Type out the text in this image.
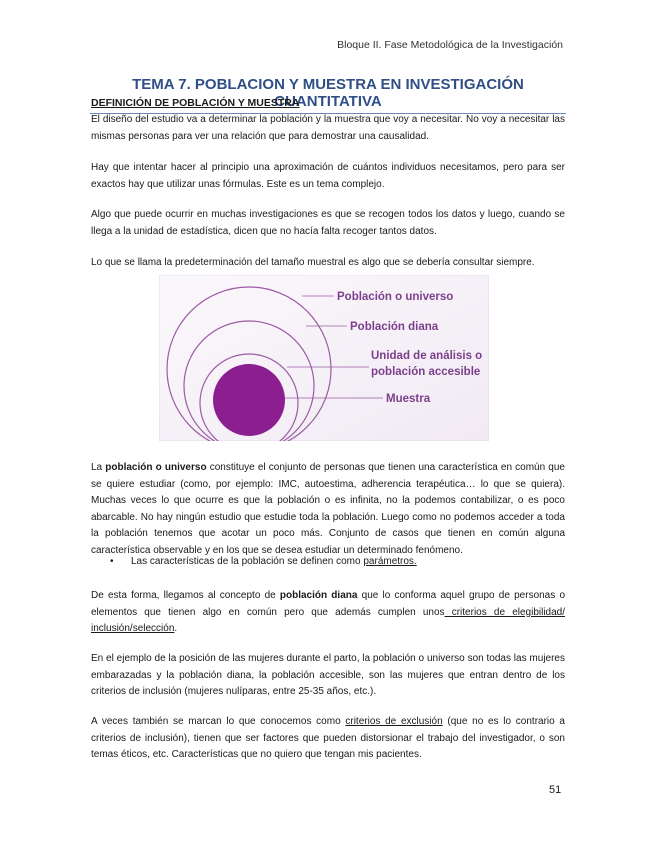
Bloque II. Fase Metodológica de la Investigación
TEMA 7. POBLACION Y MUESTRA EN INVESTIGACIÓN CUANTITATIVA
DEFINICIÓN DE POBLACIÓN Y MUESTRA

El diseño del estudio va a determinar la población y la muestra que voy a necesitar. No voy a necesitar las mismas personas para ver una relación que para demostrar una causalidad.

Hay que intentar hacer al principio una aproximación de cuántos individuos necesitamos, pero para ser exactos hay que utilizar unas fórmulas. Este es un tema complejo.

Algo que puede ocurrir en muchas investigaciones es que se recogen todos los datos y luego, cuando se llega a la unidad de estadística, dicen que no hacía falta recoger tantos datos.

Lo que se llama la predeterminación del tamaño muestral es algo que se debería consultar siempre.

Población o universo
Población diana
Unidad de análisis o
población accesible
Muestra

La población o universo constituye el conjunto de personas que tienen una característica en común que se quiere estudiar (como, por ejemplo: IMC, autoestima, adherencia terapéutica… lo que se quiera). Muchas veces lo que ocurre es que la población o es infinita, no la podemos contabilizar, o es poco abarcable. No hay ningún estudio que estudie toda la población. Luego como no podemos acceder a toda la población tenemos que acotar un poco más. Conjunto de casos que tienen en común alguna característica observable y en los que se desea estudiar un determinado fenómeno.

• Las características de la población se definen como parámetros.

De esta forma, llegamos al concepto de población diana que lo conforma aquel grupo de personas o elementos que tienen algo en común pero que además cumplen unos criterios de elegibilidad/ inclusión/selección.

En el ejemplo de la posición de las mujeres durante el parto, la población o universo son todas las mujeres embarazadas y la población diana, la población accesible, son las mujeres que entran dentro de los criterios de inclusión (mujeres nulíparas, entre 25-35 años, etc.).

A veces también se marcan lo que conocemos como criterios de exclusión (que no es lo contrario a criterios de inclusión), tienen que ser factores que pueden distorsionar el trabajo del investigador, o son temas éticos, etc. Características que no quiero que tengan mis pacientes.

51
